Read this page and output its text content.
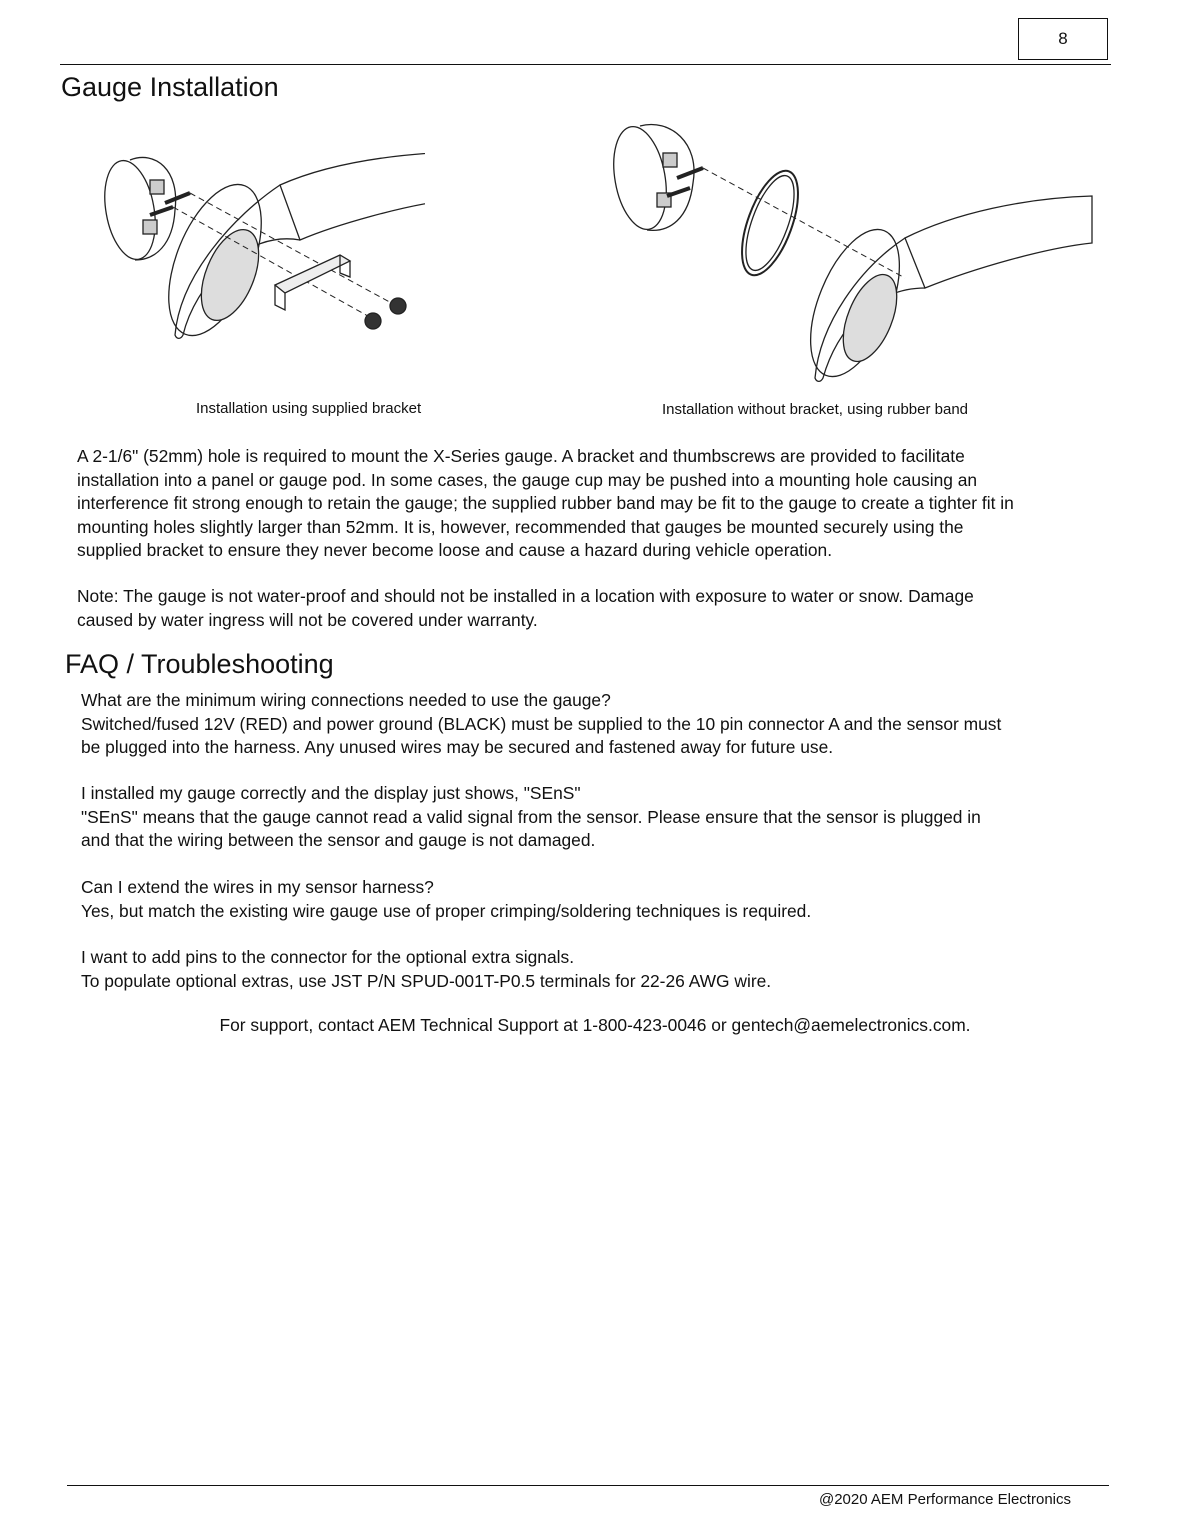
8
Gauge Installation
Installation using supplied bracket	Installation without bracket, using rubber band
A 2-1/6" (52mm) hole is required to mount the X-Series gauge. A bracket and thumbscrews are provided to facilitate
installation into a panel or gauge pod. In some cases, the gauge cup may be pushed into a mounting hole causing an
interference fit strong enough to retain the gauge; the supplied rubber band may be fit to the gauge to create a tighter fit in
mounting holes slightly larger than 52mm. It is, however, recommended that gauges be mounted securely using the
supplied bracket to ensure they never become loose and cause a hazard during vehicle operation.
Note: The gauge is not water-proof and should not be installed in a location with exposure to water or snow. Damage
caused by water ingress will not be covered under warranty.
FAQ / Troubleshooting
What are the minimum wiring connections needed to use the gauge?
Switched/fused 12V (RED) and power ground (BLACK) must be supplied to the 10 pin connector A and the sensor must
be plugged into the harness. Any unused wires may be secured and fastened away for future use.
I installed my gauge correctly and the display just shows, "SEnS"
"SEnS" means that the gauge cannot read a valid signal from the sensor. Please ensure that the sensor is plugged in
and that the wiring between the sensor and gauge is not damaged.
Can I extend the wires in my sensor harness?
Yes, but match the existing wire gauge use of proper crimping/soldering techniques is required.
I want to add pins to the connector for the optional extra signals.
To populate optional extras, use JST P/N SPUD-001T-P0.5 terminals for 22-26 AWG wire.
For support, contact AEM Technical Support at 1-800-423-0046 or gentech@aemelectronics.com.
@2020 AEM Performance Electronics
